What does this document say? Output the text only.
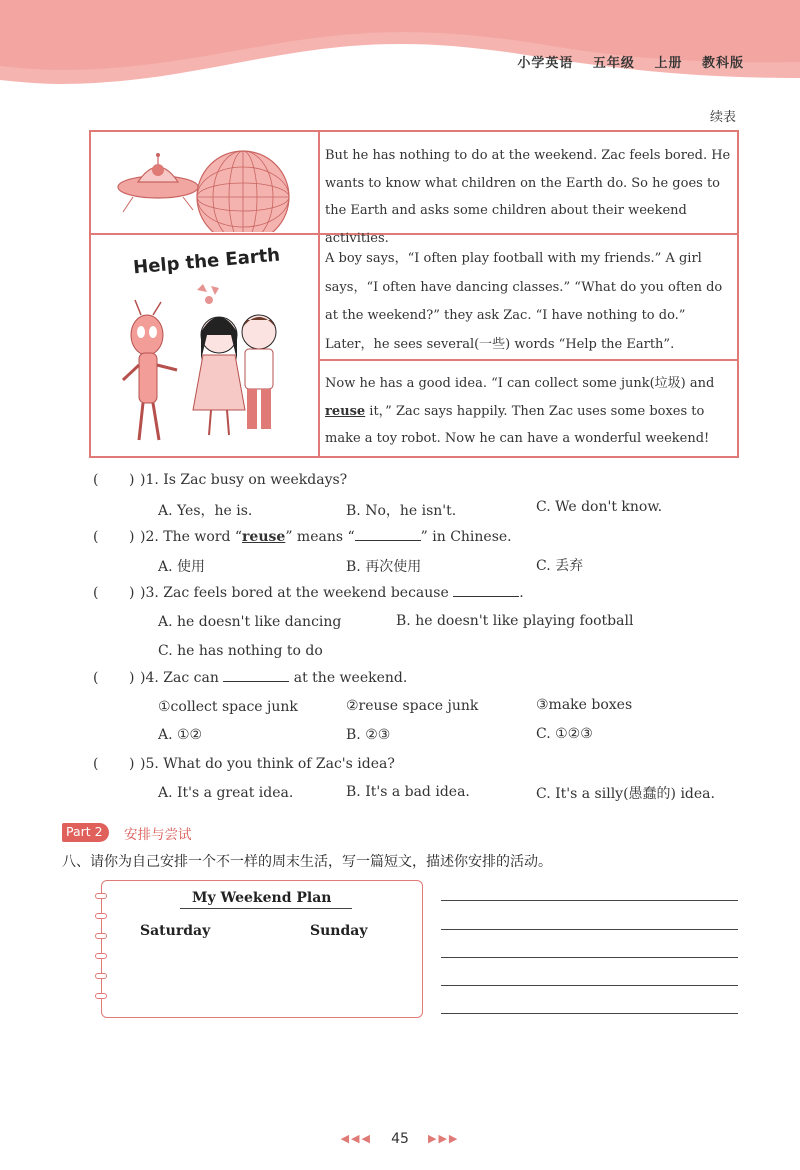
小学英语 五年级 上册 教科版
续表
Help the Earth
But he has nothing to do at the weekend. Zac feels bored. He wants to know what children on the Earth do. So he goes to the Earth and asks some children about their weekend activities.
A boy says，“I often play football with my friends.” A girl says，“I often have dancing classes.” “What do you often do at the weekend?” they ask Zac. “I have nothing to do.” Later，he sees several(一些) words “Help the Earth”.
Now he has a good idea. “I can collect some junk(垃圾) and reuse it，” Zac says happily. Then Zac uses some boxes to make a toy robot. Now he can have a wonderful weekend!
)1. Is Zac busy on weekdays?
A. Yes，he is.	B. No，he isn't.	C. We don't know.
)2. The word “reuse” means “	” in Chinese.
A. 使用	B. 再次使用	C. 丢弃
)3. Zac feels bored at the weekend because	.
A. he doesn't like dancing	B. he doesn't like playing football
C. he has nothing to do
)4. Zac can	at the weekend.
①collect space junk	②reuse space junk	③make boxes
A. ①②	B. ②③	C. ①②③
)5. What do you think of Zac's idea?
A. It's a great idea.	B. It's a bad idea.	C. It's a silly(愚蠢的) idea.
Part 2	安排与尝试
八、请你为自己安排一个不一样的周末生活，写一篇短文，描述你安排的活动。
My Weekend Plan
Saturday	Sunday
◀◀◀ 45 ▶▶▶
